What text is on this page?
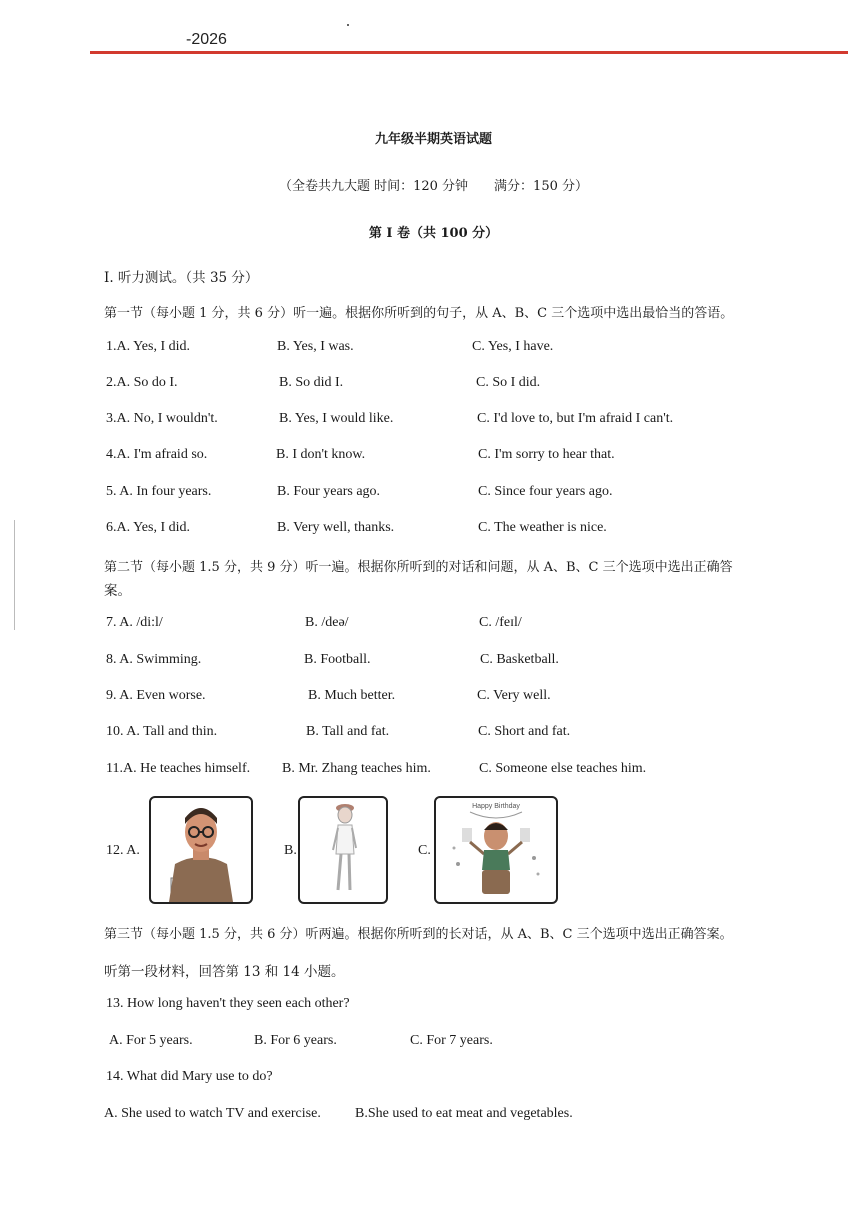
-2026
九年级半期英语试题
（全卷共九大题 时间：120 分钟　　满分：150 分）
第 I 卷（共 100 分）
I. 听力测试。（共 35 分）
第一节（每小题 1 分，共 6 分）听一遍。根据你所听到的句子，从 A、B、C 三个选项中选出最恰当的答语。
1.A. Yes, I did.	B. Yes, I was.	C. Yes, I have.
2.A. So do I.	B. So did I.	C. So I did.
3.A. No, I wouldn't.	B. Yes, I would like.	C. I'd love to, but I'm afraid I can't.
4.A. I'm afraid so.	B. I don't know.	C. I'm sorry to hear that.
5. A. In four years.	B. Four years ago.	C. Since four years ago.
6.A. Yes, I did.	B. Very well, thanks.	C. The weather is nice.
第二节（每小题 1.5 分，共 9 分）听一遍。根据你所听到的对话和问题，从 A、B、C 三个选项中选出正确答
案。
7. A. /di:l/	B. /deə/	C. /feɪl/
8. A. Swimming.	B. Football.	C. Basketball.
9. A. Even worse.	B. Much better.	C. Very well.
10. A. Tall and thin.	B. Tall and fat.	C. Short and fat.
11.A. He teaches himself. B. Mr. Zhang teaches him.	C. Someone else teaches him.
12. A.	B.	C.
Happy Birthday
第三节（每小题 1.5 分，共 6 分）听两遍。根据你所听到的长对话，从 A、B、C 三个选项中选出正确答案。
听第一段材料，回答第 13 和 14 小题。
13. How long haven't they seen each other?
A. For 5 years.	B. For 6 years.	C. For 7 years.
14. What did Mary use to do?
A. She used to watch TV and exercise. B.She used to eat meat and vegetables.
